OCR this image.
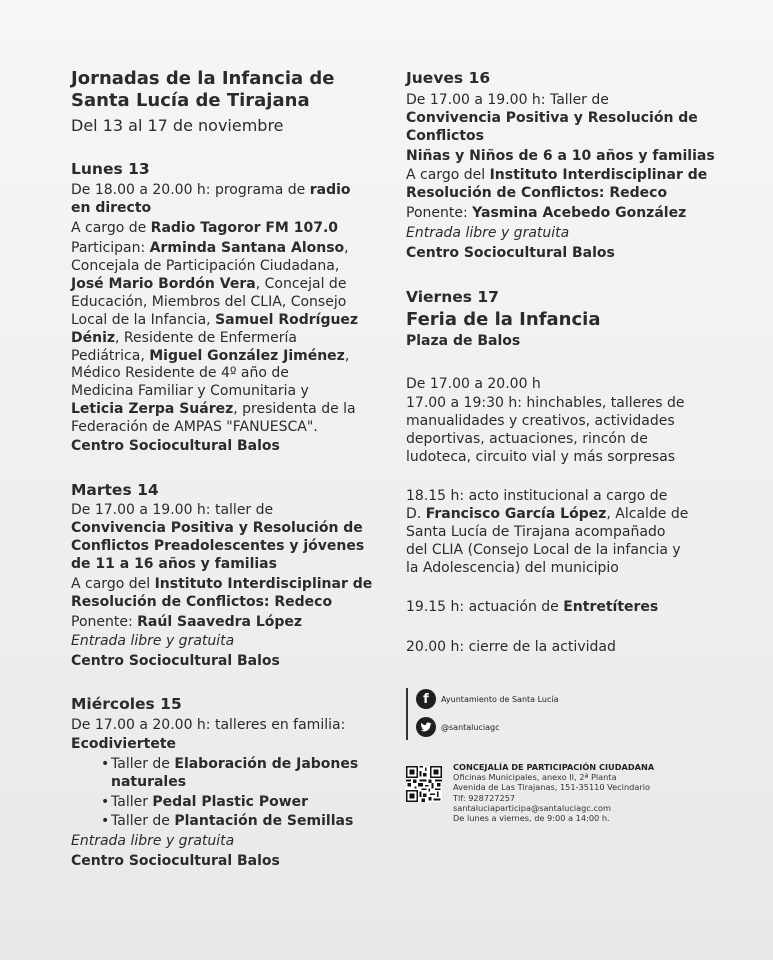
Jornadas de la Infancia de
Santa Lucía de Tirajana
Del 13 al 17 de noviembre
Lunes 13
De 18.00 a 20.00 h: programa de radio
en directo
A cargo de Radio Tagoror FM 107.0
Participan: Arminda Santana Alonso,
Concejala de Participación Ciudadana,
José Mario Bordón Vera, Concejal de
Educación, Miembros del CLIA, Consejo
Local de la Infancia, Samuel Rodríguez
Déniz, Residente de Enfermería
Pediátrica, Miguel González Jiménez,
Médico Residente de 4º año de
Medicina Familiar y Comunitaria y
Leticia Zerpa Suárez, presidenta de la
Federación de AMPAS "FANUESCA".
Centro Sociocultural Balos
Martes 14
De 17.00 a 19.00 h: taller de
Convivencia Positiva y Resolución de
Conflictos Preadolescentes y jóvenes
de 11 a 16 años y familias
A cargo del Instituto Interdisciplinar de
Resolución de Conflictos: Redeco
Ponente: Raúl Saavedra López
Entrada libre y gratuita
Centro Sociocultural Balos
Miércoles 15
De 17.00 a 20.00 h: talleres en familia:
Ecodiviertete
• Taller de Elaboración de Jabones
naturales
• Taller Pedal Plastic Power
• Taller de Plantación de Semillas
Entrada libre y gratuita
Centro Sociocultural Balos
Jueves 16
De 17.00 a 19.00 h: Taller de
Convivencia Positiva y Resolución de
Conflictos
Niñas y Niños de 6 a 10 años y familias
A cargo del Instituto Interdisciplinar de
Resolución de Conflictos: Redeco
Ponente: Yasmina Acebedo González
Entrada libre y gratuita
Centro Sociocultural Balos
Viernes 17
Feria de la Infancia
Plaza de Balos
De 17.00 a 20.00 h
17.00 a 19:30 h: hinchables, talleres de
manualidades y creativos, actividades
deportivas, actuaciones, rincón de
ludoteca, circuito vial y más sorpresas
18.15 h: acto institucional a cargo de
D. Francisco García López, Alcalde de
Santa Lucía de Tirajana acompañado
del CLIA (Consejo Local de la infancia y
la Adolescencia) del municipio
19.15 h: actuación de Entretíteres
20.00 h: cierre de la actividad
f	Ayuntamiento de Santa Lucía
@santaluciagc
CONCEJALÍA DE PARTICIPACIÓN CIUDADANA
Oficinas Municipales, anexo II, 2ª Planta
Avenida de Las Tirajanas, 151-35110 Vecindario
Tlf: 928727257
santaluciaparticipa@santaluciagc.com
De lunes a viernes, de 9:00 a 14:00 h.
